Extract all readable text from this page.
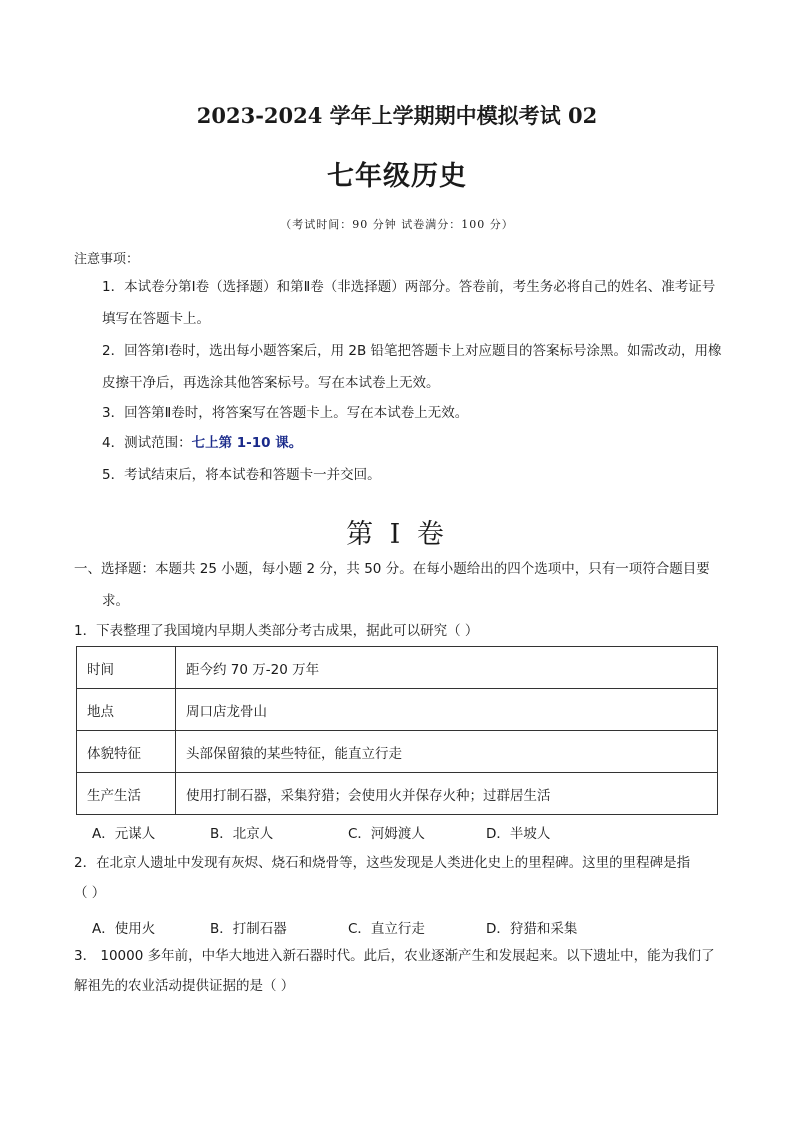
2023-2024 学年上学期期中模拟考试 02
七年级历史
（考试时间：90 分钟 试卷满分：100 分）
注意事项：
1．本试卷分第Ⅰ卷（选择题）和第Ⅱ卷（非选择题）两部分。答卷前，考生务必将自己的姓名、准考证号填写在答题卡上。
2．回答第Ⅰ卷时，选出每小题答案后，用 2B 铅笔把答题卡上对应题目的答案标号涂黑。如需改动，用橡皮擦干净后，再选涂其他答案标号。写在本试卷上无效。
3．回答第Ⅱ卷时，将答案写在答题卡上。写在本试卷上无效。
4．测试范围：七上第 1-10 课。
5．考试结束后，将本试卷和答题卡一并交回。
第 I 卷
一、选择题：本题共 25 小题，每小题 2 分，共 50 分。在每小题给出的四个选项中，只有一项符合题目要
求。
1．下表整理了我国境内早期人类部分考古成果，据此可以研究（ ）
时间	距今约 70 万-20 万年
地点	周口店龙骨山
体貌特征	头部保留猿的某些特征，能直立行走
生产生活	使用打制石器，采集狩猎；会使用火并保存火种；过群居生活
A．元谋人	B．北京人	C．河姆渡人	D．半坡人
2．在北京人遗址中发现有灰烬、烧石和烧骨等，这些发现是人类进化史上的里程碑。这里的里程碑是指
（ ）
A．使用火	B．打制石器	C．直立行走	D．狩猎和采集
3． 10000 多年前，中华大地进入新石器时代。此后，农业逐渐产生和发展起来。以下遗址中，能为我们了
解祖先的农业活动提供证据的是（ ）
